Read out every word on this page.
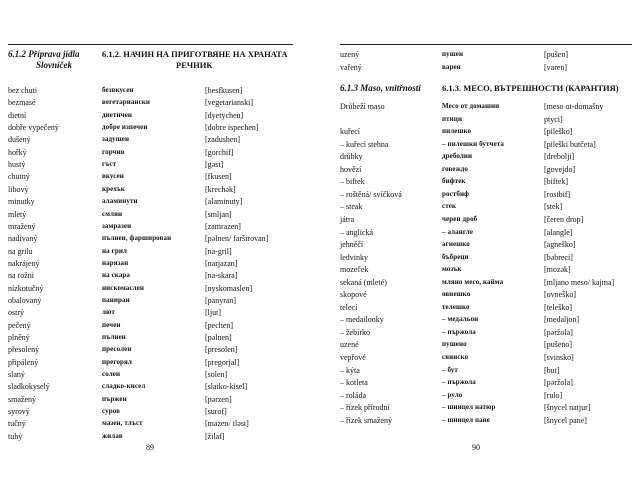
6.1.2 Příprava jídla
Slovníček
6.1.2. НАЧИН НА ПРИГОТВЯНЕ НА ХРАНАТА
РЕЧНИК
bez chuti	безвкусен	[besfkusen]
bezmasé	вегетариански	[vegetarianski]
dietní	диетичен	[dyetychen]
dobře vypečený	добре изпечен	[dobre ispechen]
dušený	задушен	[zadushen]
hořký	горчив	[gorchif]
hustý	гъст	[gǝst]
chutný	вкусен	[fkusen]
libový	крехък	[krechǝk]
minutky	аламинути	[alaminuty]
mletý	смлян	[smljan]
mražený	замразен	[zamrazen]
nadívaný	пълнен, фарширован	[pǝlnen/ farširovan]
na grilu	на грил	[na-gril]
nakrájený	нарязан	[narjazan]
na rožni	на скара	[na-skara]
nízkotučný	нискомаслен	[nyskomaslen]
obalovaný	паниран	[panyran]
ostrý	лют	[ljut]
pečený	печен	[pechen]
plněný	пълнен	[pǝlnen]
přesolený	пресолен	[presolen]
připálený	прегорял	[pregorjal]
slaný	солен	[solen]
sladkokyselý	сладко-кисел	[slatko-kisel]
smažený	пържен	[pǝrzen]
syrový	суров	[surof]
tučný	мазен, тлъст	[mazen/ tlǝst]
tuhý	жилав	[žilaf]
89
uzený	пушен	[pušen]
vařený	варен	[varen]
6.1.3 Maso, vnitřnosti 6.1.3. МЕСО, ВЪТРЕШНОСТИ (КАРАНТИЯ)
Drůbeží maso	Месо от домашни	[meso ot-domašny
птици	ptyci]
kuřecí	пилешко	[pileško]
– kuřecí stehna	– пилешки бутчета	[pileški butčeta]
drůbky	дреболии	[drebolji]
hovězí	говеждо	[govejdo]
– biftek	бифтек	[biftek]
– roštěná/ svíčková	ростбиф	[rostbif]
– steak	стек	[stek]
játra	черен дроб	[čeren drop]
– anglická	– алангле	[alangle]
jehněčí	агнешко	[agneško]
ledvinky	бъбреци	[bǝbreci]
mozeček	мозък	[mozǝk]
sekaná (mleté)	мляно месо, кайма	[mljano meso/ kajma]
skopové	овнешко	[ovneško]
telecí	телешко	[teleško]
– medailonky	– медальон	[medaljon]
– žebírko	– пържола	[pǝržola]
uzené	пушено	[pušeno]
vepřové	свинско	[svinsko]
– kýta	– бут	[but]
– kotleta	– пържола	[pǝržola]
– roláda	– руло	[rulo]
– řízek přírodní	– шницел натюр	[šnycel natjur]
– řízek smažený	– шницел пане	[šnycel pane]
90
